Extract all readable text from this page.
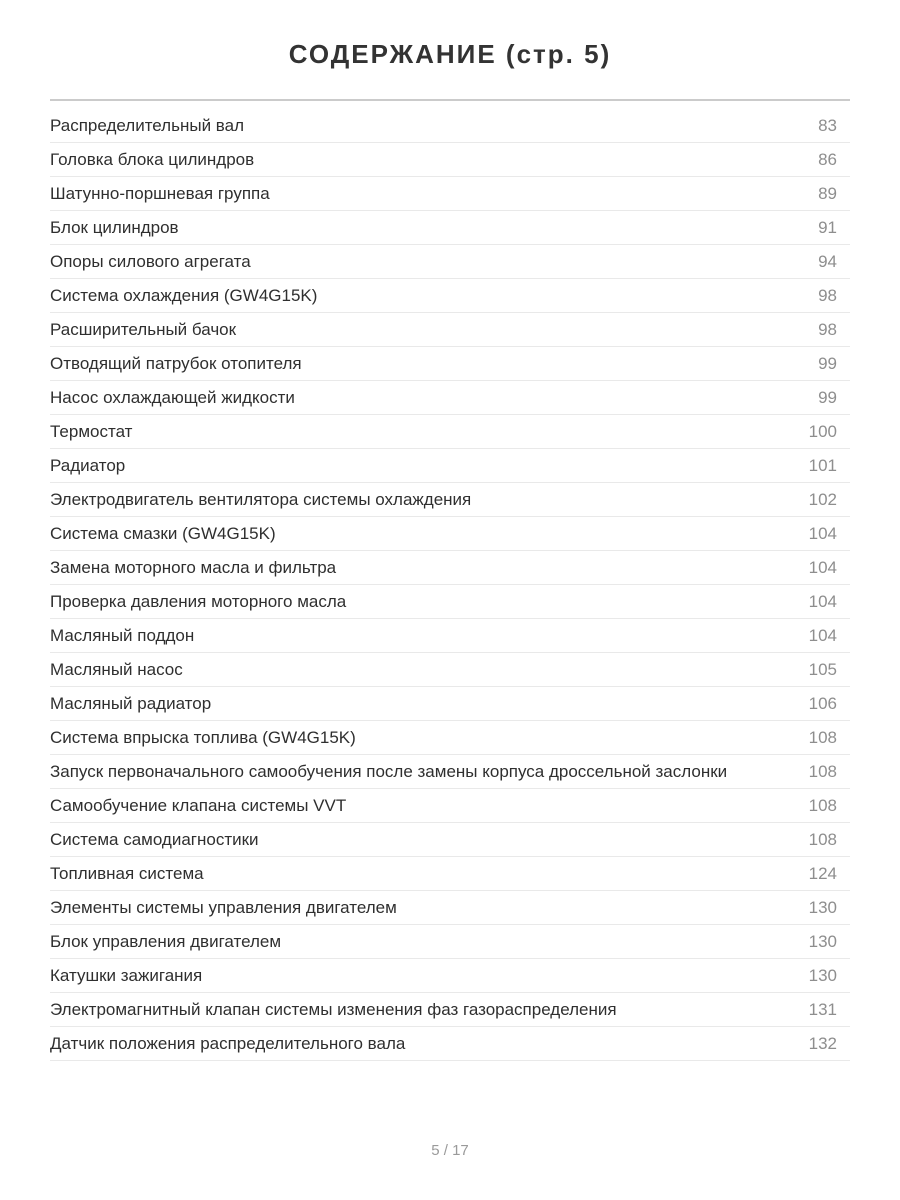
СОДЕРЖАНИЕ (стр. 5)
Распределительный вал	83
Головка блока цилиндров	86
Шатунно-поршневая группа	89
Блок цилиндров	91
Опоры силового агрегата	94
Система охлаждения (GW4G15K)	98
Расширительный бачок	98
Отводящий патрубок отопителя	99
Насос охлаждающей жидкости	99
Термостат	100
Радиатор	101
Электродвигатель вентилятора системы охлаждения	102
Система смазки (GW4G15K)	104
Замена моторного масла и фильтра	104
Проверка давления моторного масла	104
Масляный поддон	104
Масляный насос	105
Масляный радиатор	106
Система впрыска топлива (GW4G15K)	108
Запуск первоначального самообучения после замены корпуса дроссельной заслонки	108
Самообучение клапана системы VVT	108
Система самодиагностики	108
Топливная система	124
Элементы системы управления двигателем	130
Блок управления двигателем	130
Катушки зажигания	130
Электромагнитный клапан системы изменения фаз газораспределения	131
Датчик положения распределительного вала	132
5 / 17
